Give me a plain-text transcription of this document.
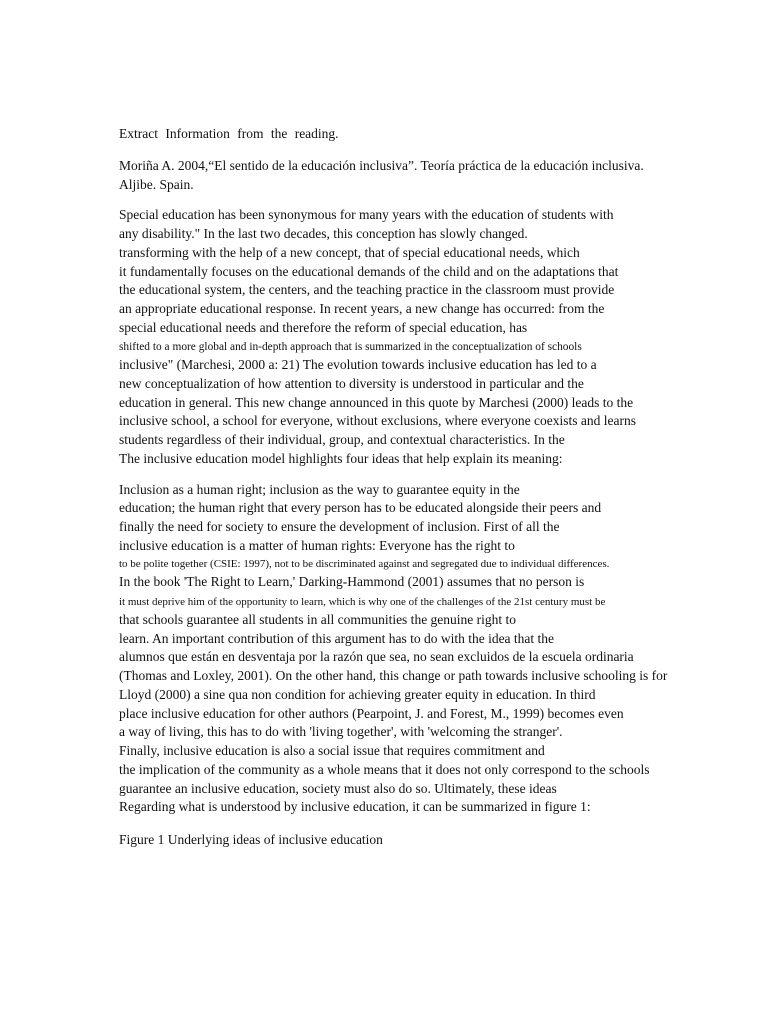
Extract Information from the reading.
Moriña A. 2004,“El sentido de la educación inclusiva”. Teoría práctica de la educación inclusiva.
Aljibe. Spain.
Special education has been synonymous for many years with the education of students with
any disability." In the last two decades, this conception has slowly changed.
transforming with the help of a new concept, that of special educational needs, which
it fundamentally focuses on the educational demands of the child and on the adaptations that
the educational system, the centers, and the teaching practice in the classroom must provide
an appropriate educational response. In recent years, a new change has occurred: from the
special educational needs and therefore the reform of special education, has
shifted to a more global and in-depth approach that is summarized in the conceptualization of schools
inclusive" (Marchesi, 2000 a: 21) The evolution towards inclusive education has led to a
new conceptualization of how attention to diversity is understood in particular and the
education in general. This new change announced in this quote by Marchesi (2000) leads to the
inclusive school, a school for everyone, without exclusions, where everyone coexists and learns
students regardless of their individual, group, and contextual characteristics. In the
The inclusive education model highlights four ideas that help explain its meaning:
Inclusion as a human right; inclusion as the way to guarantee equity in the
education; the human right that every person has to be educated alongside their peers and
finally the need for society to ensure the development of inclusion. First of all the
inclusive education is a matter of human rights: Everyone has the right to
to be polite together (CSIE: 1997), not to be discriminated against and segregated due to individual differences.
In the book 'The Right to Learn,' Darking-Hammond (2001) assumes that no person is
it must deprive him of the opportunity to learn, which is why one of the challenges of the 21st century must be
that schools guarantee all students in all communities the genuine right to
learn. An important contribution of this argument has to do with the idea that the
alumnos que están en desventaja por la razón que sea, no sean excluidos de la escuela ordinaria
(Thomas and Loxley, 2001). On the other hand, this change or path towards inclusive schooling is for
Lloyd (2000) a sine qua non condition for achieving greater equity in education. In third
place inclusive education for other authors (Pearpoint, J. and Forest, M., 1999) becomes even
a way of living, this has to do with 'living together', with 'welcoming the stranger'.
Finally, inclusive education is also a social issue that requires commitment and
the implication of the community as a whole means that it does not only correspond to the schools
guarantee an inclusive education, society must also do so. Ultimately, these ideas
Regarding what is understood by inclusive education, it can be summarized in figure 1:
Figure 1 Underlying ideas of inclusive education
